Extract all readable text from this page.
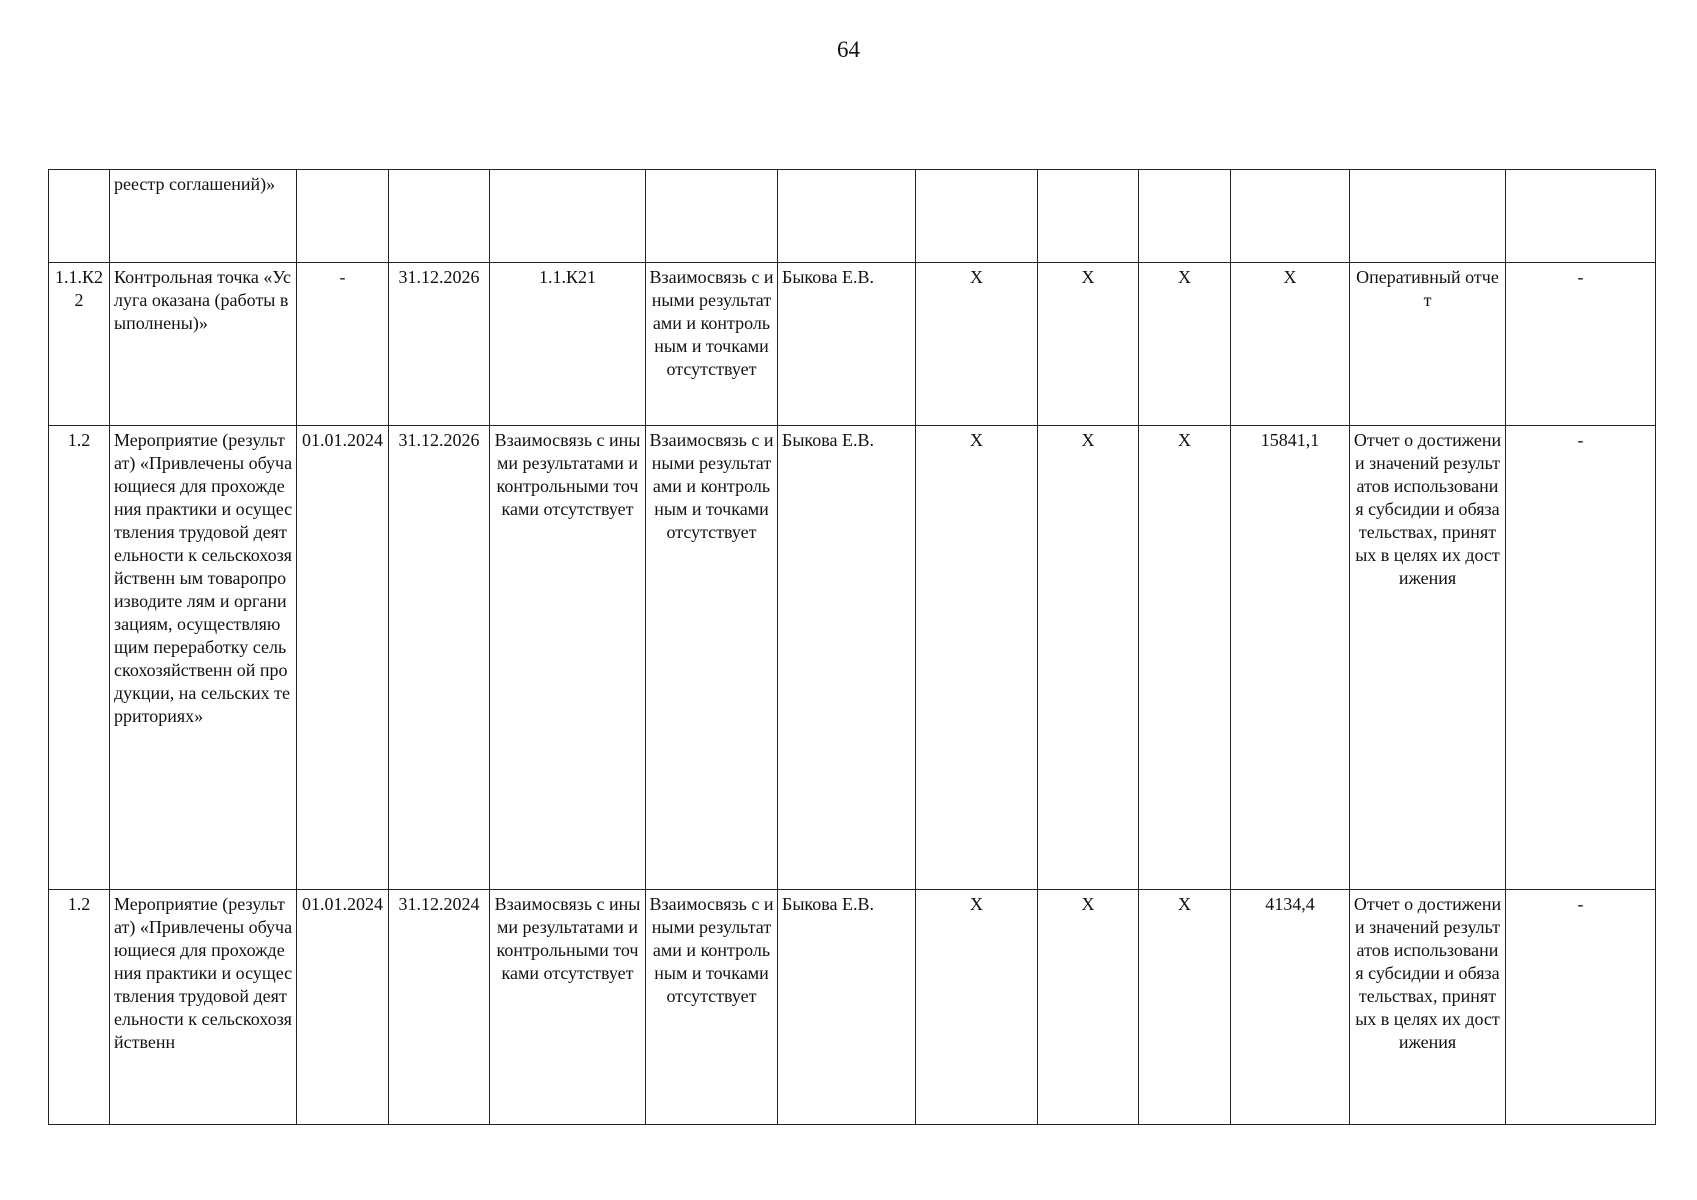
64
	реестр соглашений)»											
1.1.К22	Контрольная точка «Услуга оказана (работы выполнены)»	-	31.12.2026	1.1.К21	Взаимосвязь с иными результатами и контрольным и точками отсутствует	Быкова Е.В.	X	X	X	X	Оперативный отчет	-
1.2	Мероприятие (результат) «Привлечены обучающиеся для прохождения практики и осуществления трудовой деятельности к сельскохозяйственн ым товаропроизводите лям и организациям, осуществляющим переработку сельскохозяйственн ой продукции, на сельских территориях»	01.01.2024	31.12.2026	Взаимосвязь с иными результатами и контрольными точками отсутствует	Взаимосвязь с иными результатами и контрольным и точками отсутствует	Быкова Е.В.	X	X	X	15841,1	Отчет о достижении значений результатов использования субсидии и обязательствах, принятых в целях их достижения	-
1.2	Мероприятие (результат) «Привлечены обучающиеся для прохождения практики и осуществления трудовой деятельности к сельскохозяйственн	01.01.2024	31.12.2024	Взаимосвязь с иными результатами и контрольными точками отсутствует	Взаимосвязь с иными результатами и контрольным и точками отсутствует	Быкова Е.В.	X	X	X	4134,4	Отчет о достижении значений результатов использования субсидии и обязательствах, принятых в целях их достижения	-
